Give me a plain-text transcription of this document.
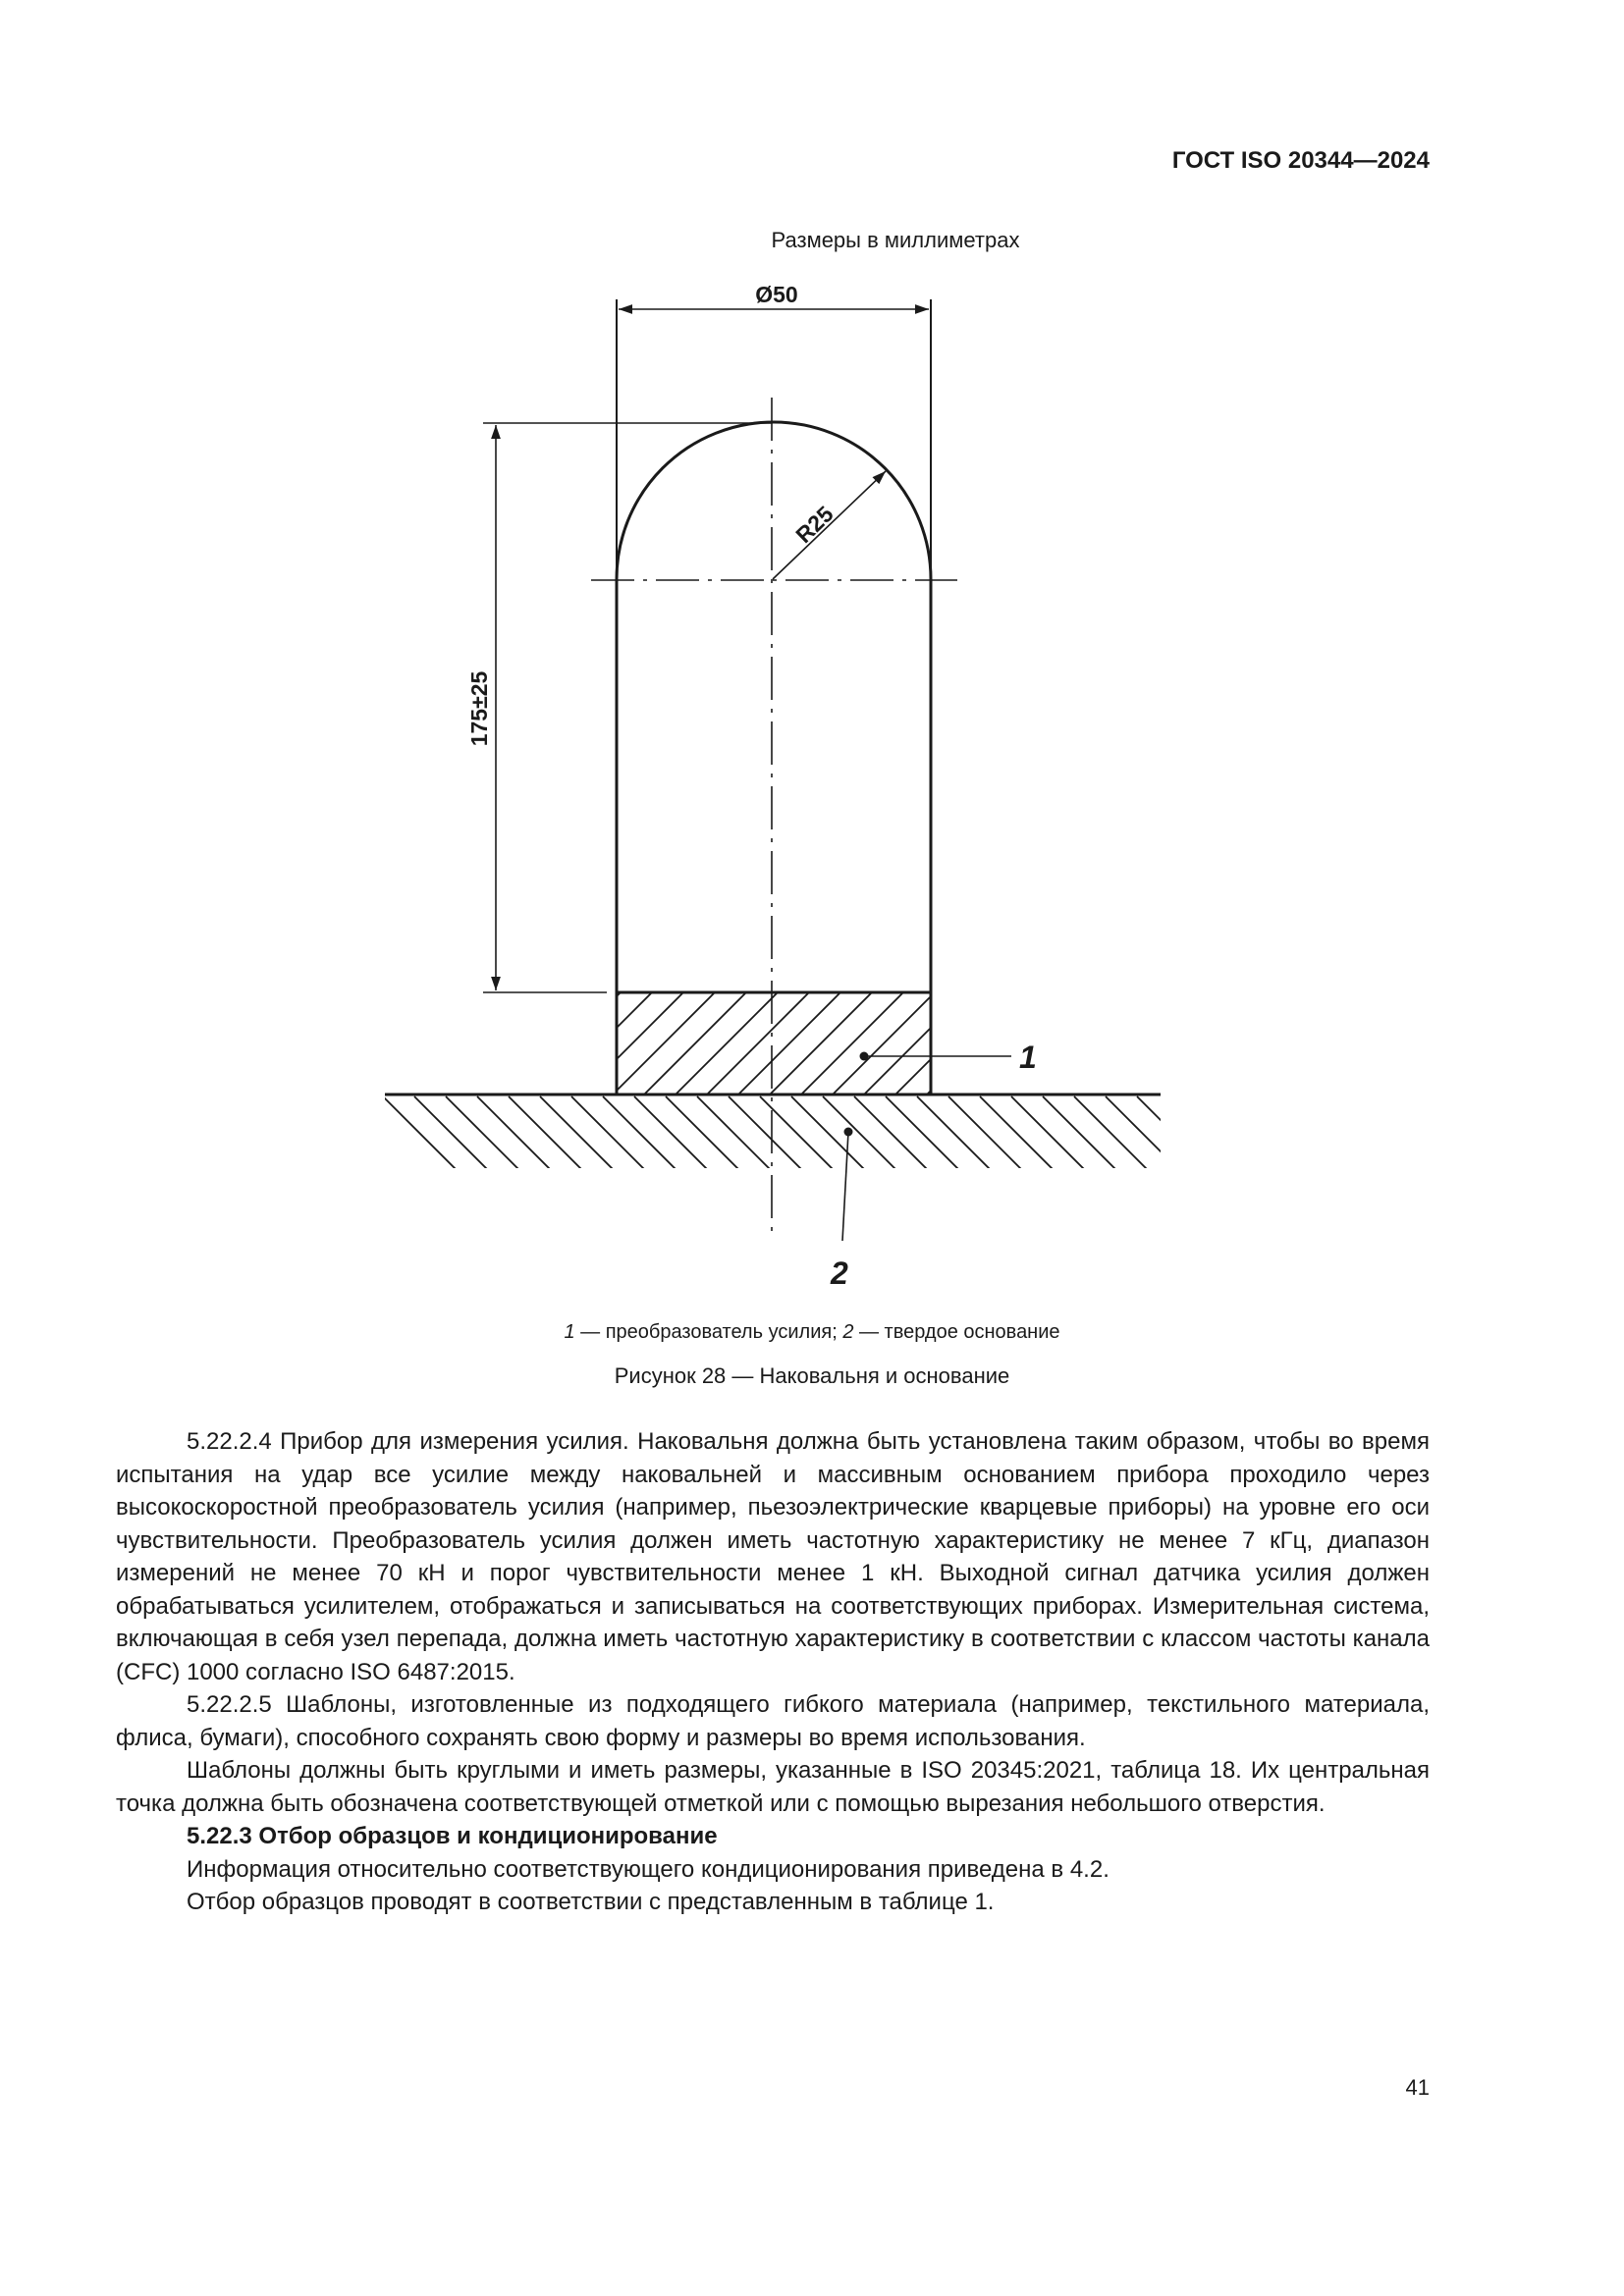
ГОСТ ISO 20344—2024
Размеры в миллиметрах
Ø50
R25
175±25
1
2
1 — преобразователь усилия; 2 — твердое основание
Рисунок 28 — Наковальня и основание

5.22.2.4 Прибор для измерения усилия. Наковальня должна быть установлена таким образом, чтобы во время испытания на удар все усилие между наковальней и массивным основанием прибора проходило через высокоскоростной преобразователь усилия (например, пьезоэлектрические кварцевые приборы) на уровне его оси чувствительности. Преобразователь усилия должен иметь частотную характеристику не менее 7 кГц, диапазон измерений не менее 70 кН и порог чувствительности менее 1 кН. Выходной сигнал датчика усилия должен обрабатываться усилителем, отображаться и записываться на соответствующих приборах. Измерительная система, включающая в себя узел перепада, должна иметь частотную характеристику в соответствии с классом частоты канала (CFC) 1000 согласно ISO 6487:2015.

5.22.2.5 Шаблоны, изготовленные из подходящего гибкого материала (например, текстильного материала, флиса, бумаги), способного сохранять свою форму и размеры во время использования.

Шаблоны должны быть круглыми и иметь размеры, указанные в ISO 20345:2021, таблица 18. Их центральная точка должна быть обозначена соответствующей отметкой или с помощью вырезания небольшого отверстия.

5.22.3 Отбор образцов и кондиционирование

Информация относительно соответствующего кондиционирования приведена в 4.2.

Отбор образцов проводят в соответствии с представленным в таблице 1.

41
